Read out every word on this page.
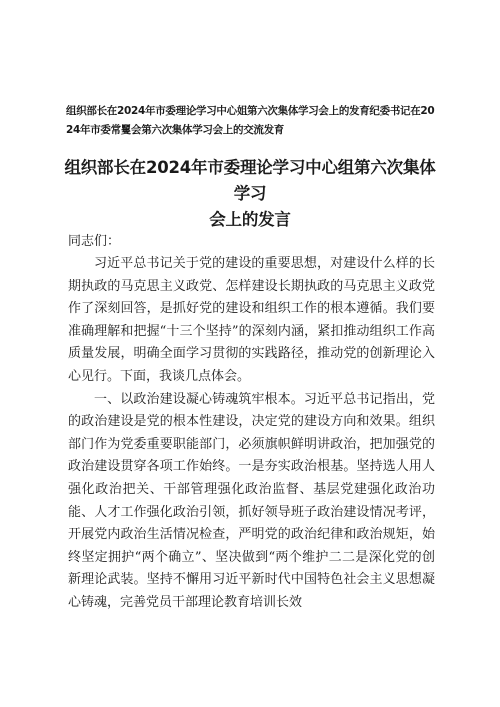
组织部长在2024年市委理论学习中心姐第六次集体学习会上的发育纪委书记在2024年市委常矍会第六次集体学习会上的交流发育
组织部长在2024年市委理论学习中心组第六次集体学习
会上的发言
同志们：

习近平总书记关于党的建设的重要思想，对建设什么样的长期执政的马克思主义政党、怎样建设长期执政的马克思主义政党作了深刻回答，是抓好党的建设和组织工作的根本遵循。我们要准确理解和把握“十三个坚持”的深刻内涵，紧扣推动组织工作高质量发展，明确全面学习贯彻的实践路径，推动党的创新理论入心见行。下面，我谈几点体会。

一、以政治建设凝心铸魂筑牢根本。习近平总书记指出，党的政治建设是党的根本性建设，决定党的建设方向和效果。组织部门作为党委重要职能部门，必须旗帜鲜明讲政治，把加强党的政治建设贯穿各项工作始终。一是夯实政治根基。坚持选人用人强化政治把关、干部管理强化政治监督、基层党建强化政治功能、人才工作强化政治引领，抓好领导班子政治建设情况考评，开展党内政治生活情况检查，严明党的政治纪律和政治规矩，始终坚定拥护“两个确立”、坚决做到“两个维护二二是深化党的创新理论武装。坚持不懈用习近平新时代中国特色社会主义思想凝心铸魂，完善党员干部理论教育培训长效
